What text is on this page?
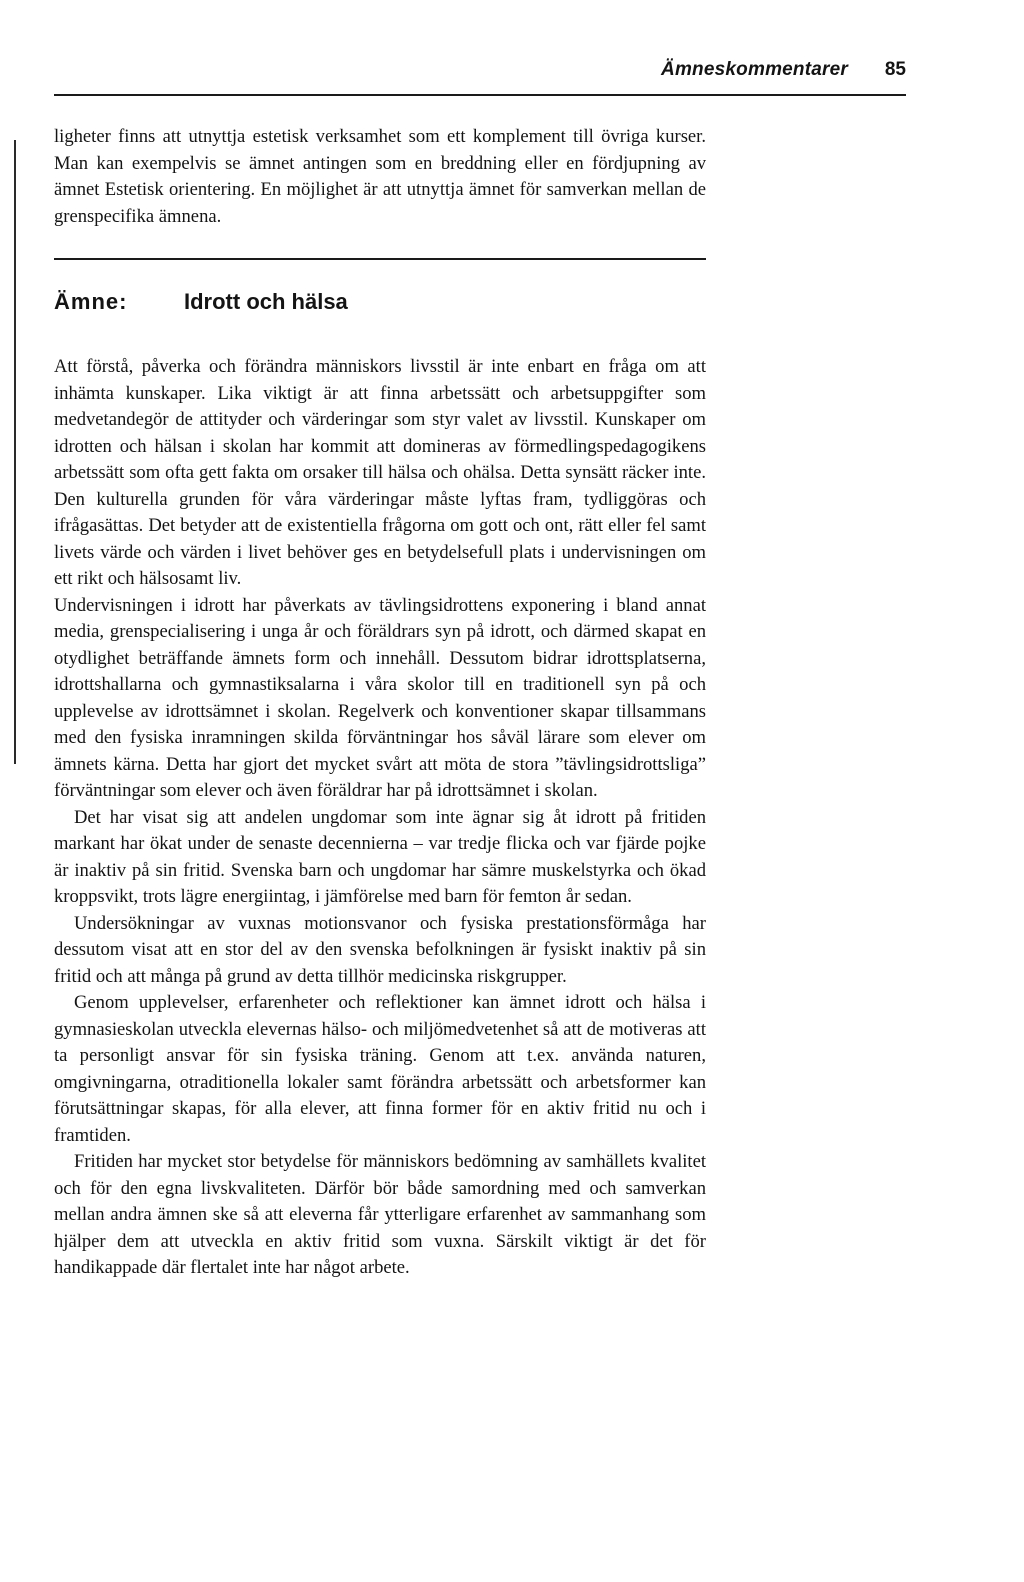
Ämneskommentarer 85

ligheter finns att utnyttja estetisk verksamhet som ett komplement till övriga kurser. Man kan exempelvis se ämnet antingen som en breddning eller en fördjupning av ämnet Estetisk orientering. En möjlighet är att utnyttja ämnet för samverkan mellan de grenspecifika ämnena.

Ämne:	Idrott och hälsa

Att förstå, påverka och förändra människors livsstil är inte enbart en fråga om att inhämta kunskaper. Lika viktigt är att finna arbetssätt och arbetsuppgifter som medvetandegör de attityder och värderingar som styr valet av livsstil. Kunskaper om idrotten och hälsan i skolan har kommit att domineras av förmedlingspedagogikens arbetssätt som ofta gett fakta om orsaker till hälsa och ohälsa. Detta synsätt räcker inte. Den kulturella grunden för våra värderingar måste lyftas fram, tydliggöras och ifrågasättas. Det betyder att de existentiella frågorna om gott och ont, rätt eller fel samt livets värde och värden i livet behöver ges en betydelsefull plats i undervisningen om ett rikt och hälsosamt liv.

Undervisningen i idrott har påverkats av tävlingsidrottens exponering i bland annat media, grenspecialisering i unga år och föräldrars syn på idrott, och därmed skapat en otydlighet beträffande ämnets form och innehåll. Dessutom bidrar idrottsplatserna, idrottshallarna och gymnastiksalarna i våra skolor till en traditionell syn på och upplevelse av idrottsämnet i skolan. Regelverk och konventioner skapar tillsammans med den fysiska inramningen skilda förväntningar hos såväl lärare som elever om ämnets kärna. Detta har gjort det mycket svårt att möta de stora ”tävlingsidrottsliga” förväntningar som elever och även föräldrar har på idrottsämnet i skolan.

Det har visat sig att andelen ungdomar som inte ägnar sig åt idrott på fritiden markant har ökat under de senaste decennierna – var tredje flicka och var fjärde pojke är inaktiv på sin fritid. Svenska barn och ungdomar har sämre muskelstyrka och ökad kroppsvikt, trots lägre energiintag, i jämförelse med barn för femton år sedan.

Undersökningar av vuxnas motionsvanor och fysiska prestationsförmåga har dessutom visat att en stor del av den svenska befolkningen är fysiskt inaktiv på sin fritid och att många på grund av detta tillhör medicinska riskgrupper.

Genom upplevelser, erfarenheter och reflektioner kan ämnet idrott och hälsa i gymnasieskolan utveckla elevernas hälso- och miljömedvetenhet så att de motiveras att ta personligt ansvar för sin fysiska träning. Genom att t.ex. använda naturen, omgivningarna, otraditionella lokaler samt förändra arbetssätt och arbetsformer kan förutsättningar skapas, för alla elever, att finna former för en aktiv fritid nu och i framtiden.

Fritiden har mycket stor betydelse för människors bedömning av samhällets kvalitet och för den egna livskvaliteten. Därför bör både samordning med och samverkan mellan andra ämnen ske så att eleverna får ytterligare erfarenhet av sammanhang som hjälper dem att utveckla en aktiv fritid som vuxna. Särskilt viktigt är det för handikappade där flertalet inte har något arbete.
